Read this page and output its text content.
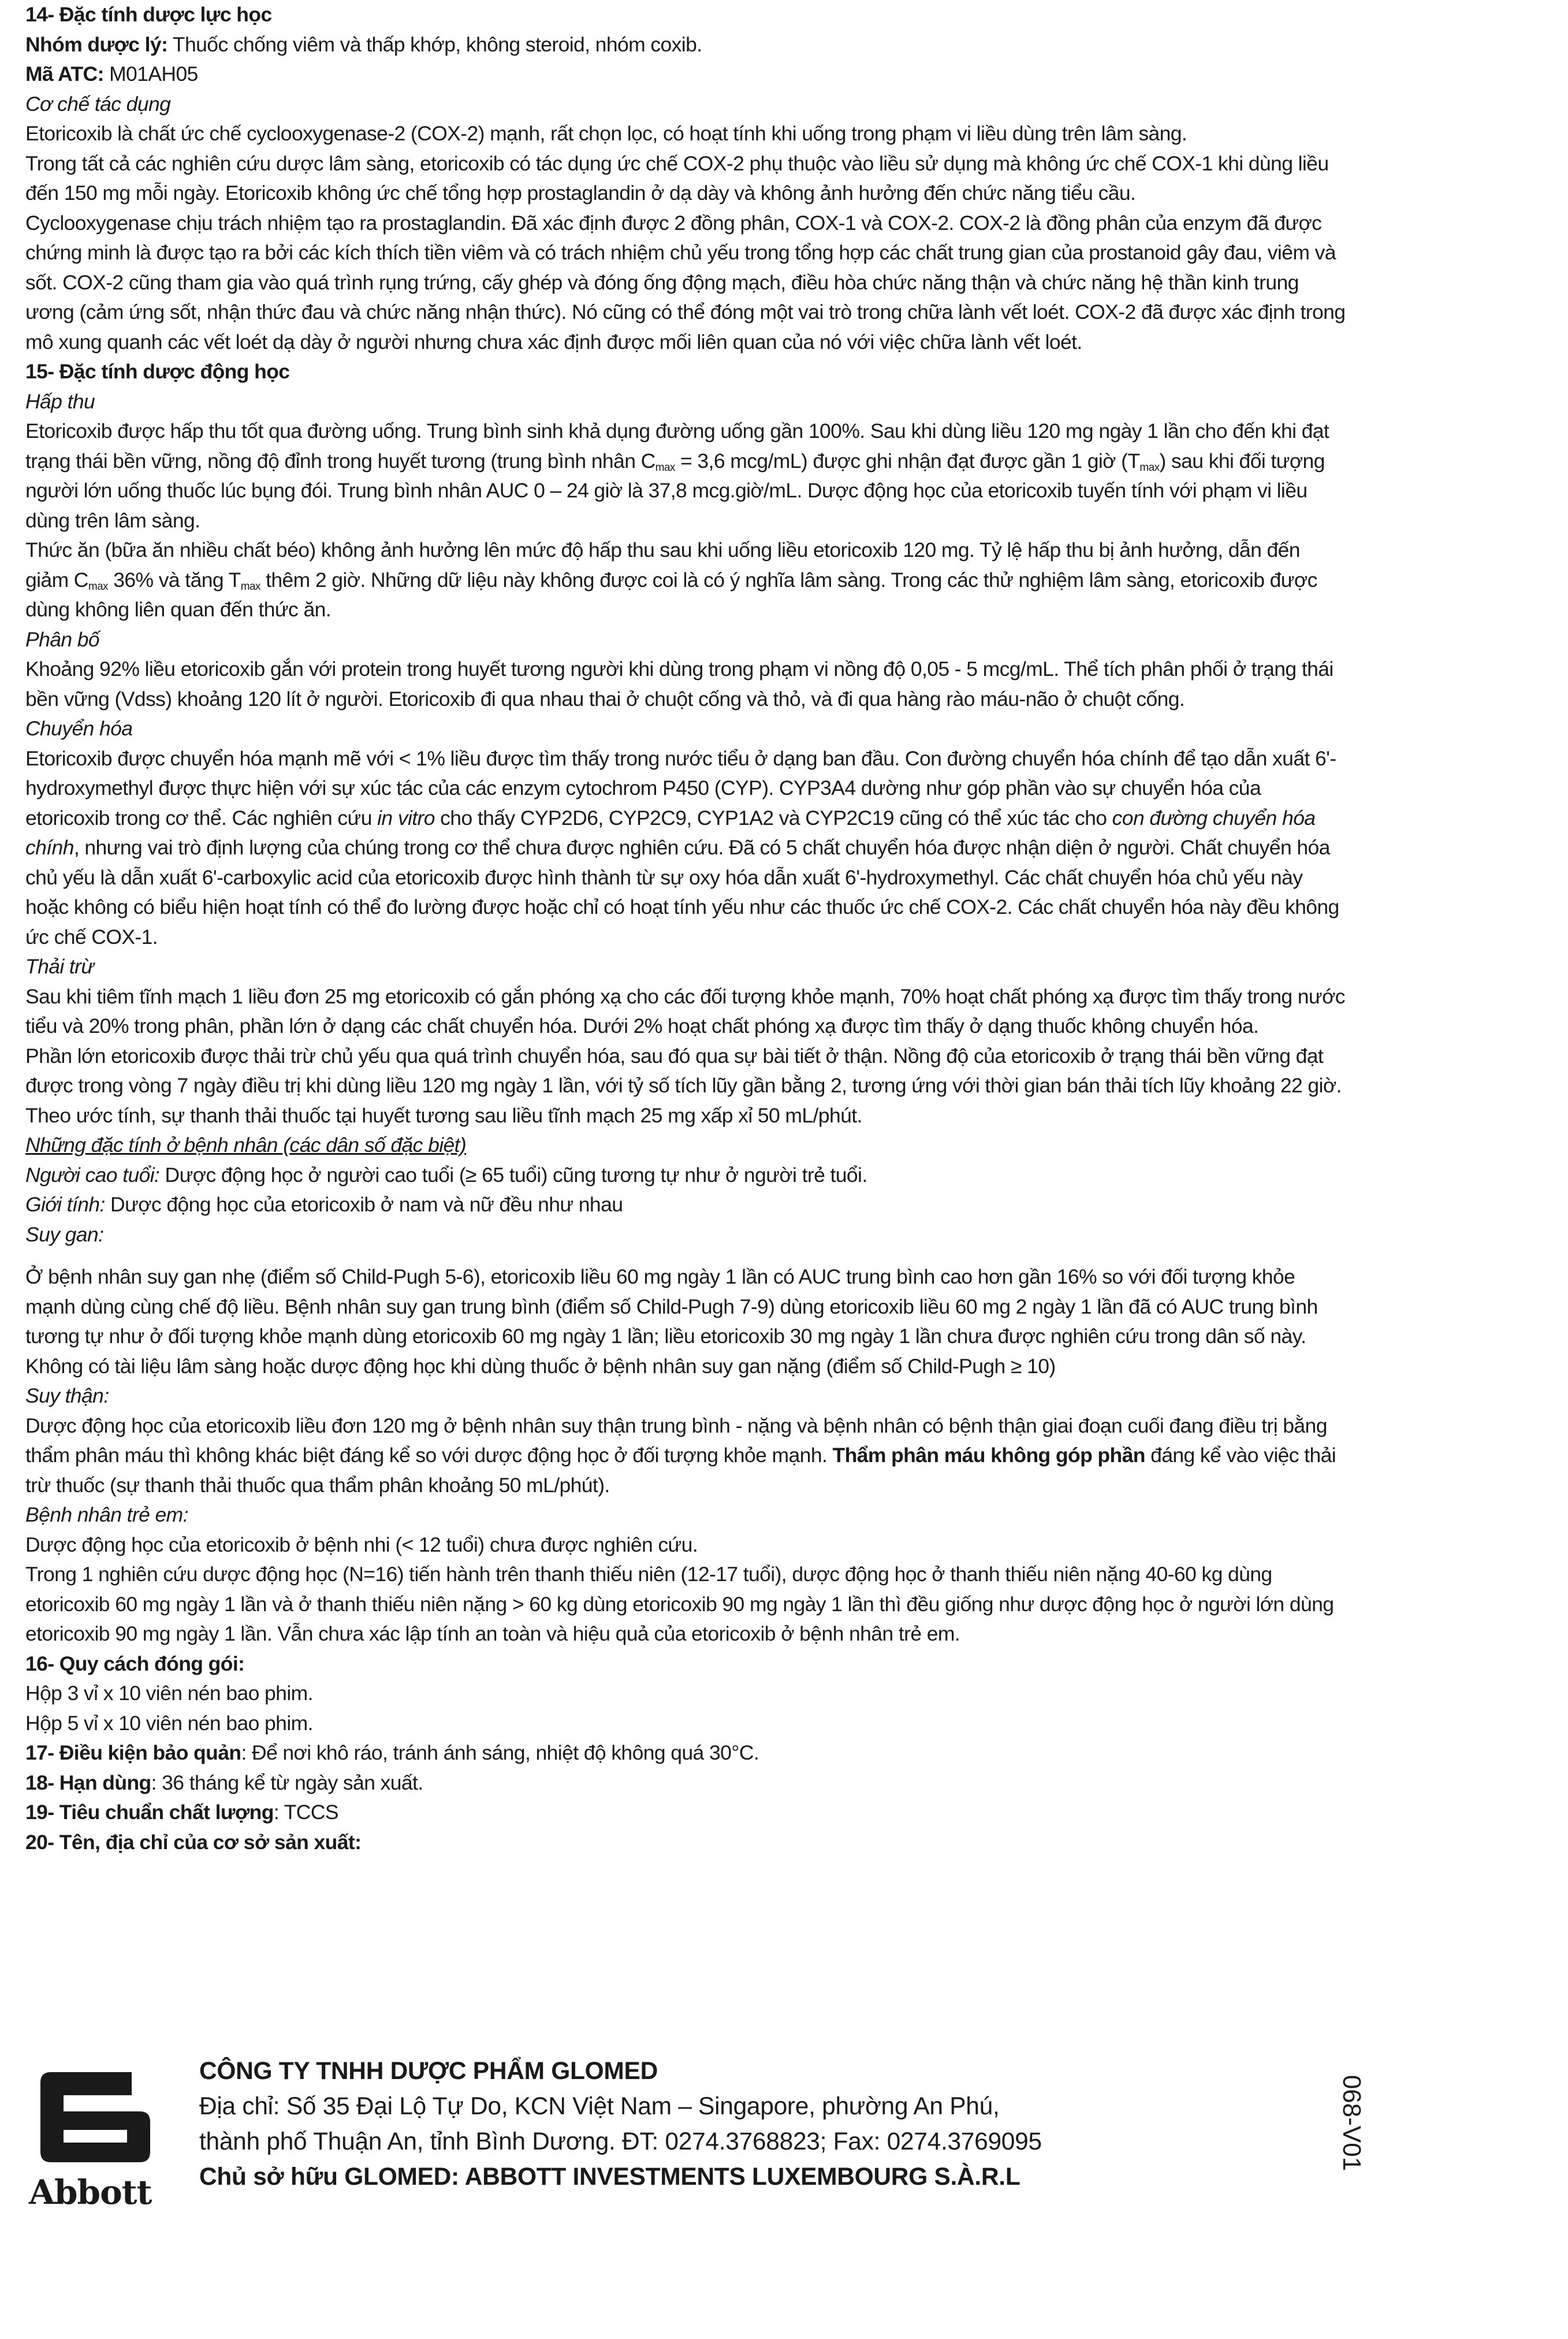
14- Đặc tính dược lực học
Nhóm dược lý: Thuốc chống viêm và thấp khớp, không steroid, nhóm coxib.
Mã ATC: M01AH05
Cơ chế tác dụng
Etoricoxib là chất ức chế cyclooxygenase-2 (COX-2) mạnh, rất chọn lọc, có hoạt tính khi uống trong phạm vi liều dùng trên lâm sàng.
Trong tất cả các nghiên cứu dược lâm sàng, etoricoxib có tác dụng ức chế COX-2 phụ thuộc vào liều sử dụng mà không ức chế COX-1 khi dùng liều đến 150 mg mỗi ngày. Etoricoxib không ức chế tổng hợp prostaglandin ở dạ dày và không ảnh hưởng đến chức năng tiểu cầu.
Cyclooxygenase chịu trách nhiệm tạo ra prostaglandin. Đã xác định được 2 đồng phân, COX-1 và COX-2. COX-2 là đồng phân của enzym đã được chứng minh là được tạo ra bởi các kích thích tiền viêm và có trách nhiệm chủ yếu trong tổng hợp các chất trung gian của prostanoid gây đau, viêm và sốt. COX-2 cũng tham gia vào quá trình rụng trứng, cấy ghép và đóng ống động mạch, điều hòa chức năng thận và chức năng hệ thần kinh trung ương (cảm ứng sốt, nhận thức đau và chức năng nhận thức). Nó cũng có thể đóng một vai trò trong chữa lành vết loét. COX-2 đã được xác định trong mô xung quanh các vết loét dạ dày ở người nhưng chưa xác định được mối liên quan của nó với việc chữa lành vết loét.
15- Đặc tính dược động học
Hấp thu
Etoricoxib được hấp thu tốt qua đường uống. Trung bình sinh khả dụng đường uống gần 100%. Sau khi dùng liều 120 mg ngày 1 lần cho đến khi đạt trạng thái bền vững, nồng độ đỉnh trong huyết tương (trung bình nhân $C_{max} = 3,6$ mcg/mL) được ghi nhận đạt được gần 1 giờ $(T_{max})$ sau khi đối tượng người lớn uống thuốc lúc bụng đói. Trung bình nhân AUC 0 – 24 giờ là 37,8 mcg.giờ/mL. Dược động học của etoricoxib tuyến tính với phạm vi liều dùng trên lâm sàng.
Thức ăn (bữa ăn nhiều chất béo) không ảnh hưởng lên mức độ hấp thu sau khi uống liều etoricoxib 120 mg. Tỷ lệ hấp thu bị ảnh hưởng, dẫn đến giảm $C_{max}$ 36% và tăng $T_{max}$ thêm 2 giờ. Những dữ liệu này không được coi là có ý nghĩa lâm sàng. Trong các thử nghiệm lâm sàng, etoricoxib được dùng không liên quan đến thức ăn.
Phân bố
Khoảng 92% liều etoricoxib gắn với protein trong huyết tương người khi dùng trong phạm vi nồng độ 0,05 - 5 mcg/mL. Thể tích phân phối ở trạng thái bền vững (Vdss) khoảng 120 lít ở người. Etoricoxib đi qua nhau thai ở chuột cống và thỏ, và đi qua hàng rào máu-não ở chuột cống.
Chuyển hóa
Etoricoxib được chuyển hóa mạnh mẽ với < 1% liều được tìm thấy trong nước tiểu ở dạng ban đầu. Con đường chuyển hóa chính để tạo dẫn xuất 6'-hydroxymethyl được thực hiện với sự xúc tác của các enzym cytochrom P450 (CYP). CYP3A4 dường như góp phần vào sự chuyển hóa của etoricoxib trong cơ thể. Các nghiên cứu in vitro cho thấy CYP2D6, CYP2C9, CYP1A2 và CYP2C19 cũng có thể xúc tác cho con đường chuyển hóa chính, nhưng vai trò định lượng của chúng trong cơ thể chưa được nghiên cứu. Đã có 5 chất chuyển hóa được nhận diện ở người. Chất chuyển hóa chủ yếu là dẫn xuất 6'-carboxylic acid của etoricoxib được hình thành từ sự oxy hóa dẫn xuất 6'-hydroxymethyl. Các chất chuyển hóa chủ yếu này hoặc không có biểu hiện hoạt tính có thể đo lường được hoặc chỉ có hoạt tính yếu như các thuốc ức chế COX-2. Các chất chuyển hóa này đều không ức chế COX-1.
Thải trừ
Sau khi tiêm tĩnh mạch 1 liều đơn 25 mg etoricoxib có gắn phóng xạ cho các đối tượng khỏe mạnh, 70% hoạt chất phóng xạ được tìm thấy trong nước tiểu và 20% trong phân, phần lớn ở dạng các chất chuyển hóa. Dưới 2% hoạt chất phóng xạ được tìm thấy ở dạng thuốc không chuyển hóa.
Phần lớn etoricoxib được thải trừ chủ yếu qua quá trình chuyển hóa, sau đó qua sự bài tiết ở thận. Nồng độ của etoricoxib ở trạng thái bền vững đạt được trong vòng 7 ngày điều trị khi dùng liều 120 mg ngày 1 lần, với tỷ số tích lũy gần bằng 2, tương ứng với thời gian bán thải tích lũy khoảng 22 giờ. Theo ước tính, sự thanh thải thuốc tại huyết tương sau liều tĩnh mạch 25 mg xấp xỉ 50 mL/phút.
Những đặc tính ở bệnh nhân (các dân số đặc biệt)
Người cao tuổi: Dược động học ở người cao tuổi (≥ 65 tuổi) cũng tương tự như ở người trẻ tuổi.
Giới tính: Dược động học của etoricoxib ở nam và nữ đều như nhau
Suy gan:
Ở bệnh nhân suy gan nhẹ (điểm số Child-Pugh 5-6), etoricoxib liều 60 mg ngày 1 lần có AUC trung bình cao hơn gần 16% so với đối tượng khỏe mạnh dùng cùng chế độ liều. Bệnh nhân suy gan trung bình (điểm số Child-Pugh 7-9) dùng etoricoxib liều 60 mg 2 ngày 1 lần đã có AUC trung bình tương tự như ở đối tượng khỏe mạnh dùng etoricoxib 60 mg ngày 1 lần; liều etoricoxib 30 mg ngày 1 lần chưa được nghiên cứu trong dân số này. Không có tài liệu lâm sàng hoặc dược động học khi dùng thuốc ở bệnh nhân suy gan nặng (điểm số Child-Pugh ≥ 10)
Suy thận:
Dược động học của etoricoxib liều đơn 120 mg ở bệnh nhân suy thận trung bình - nặng và bệnh nhân có bệnh thận giai đoạn cuối đang điều trị bằng thẩm phân máu thì không khác biệt đáng kể so với dược động học ở đối tượng khỏe mạnh. Thẩm phân máu không góp phần đáng kể vào việc thải trừ thuốc (sự thanh thải thuốc qua thẩm phân khoảng 50 mL/phút).
Bệnh nhân trẻ em:
Dược động học của etoricoxib ở bệnh nhi (< 12 tuổi) chưa được nghiên cứu.
Trong 1 nghiên cứu dược động học (N=16) tiến hành trên thanh thiếu niên (12-17 tuổi), dược động học ở thanh thiếu niên nặng 40-60 kg dùng etoricoxib 60 mg ngày 1 lần và ở thanh thiếu niên nặng > 60 kg dùng etoricoxib 90 mg ngày 1 lần thì đều giống như dược động học ở người lớn dùng etoricoxib 90 mg ngày 1 lần. Vẫn chưa xác lập tính an toàn và hiệu quả của etoricoxib ở bệnh nhân trẻ em.
16- Quy cách đóng gói:
Hộp 3 vỉ x 10 viên nén bao phim.
Hộp 5 vỉ x 10 viên nén bao phim.
17- Điều kiện bảo quản: Để nơi khô ráo, tránh ánh sáng, nhiệt độ không quá 30°C.
18- Hạn dùng: 36 tháng kể từ ngày sản xuất.
19- Tiêu chuẩn chất lượng: TCCS
20- Tên, địa chỉ của cơ sở sản xuất:
Abbott
CÔNG TY TNHH DƯỢC PHẨM GLOMED
Địa chỉ: Số 35 Đại Lộ Tự Do, KCN Việt Nam – Singapore, phường An Phú,
thành phố Thuận An, tỉnh Bình Dương. ĐT: 0274.3768823; Fax: 0274.3769095
Chủ sở hữu GLOMED: ABBOTT INVESTMENTS LUXEMBOURG S.À.R.L
068-V01
